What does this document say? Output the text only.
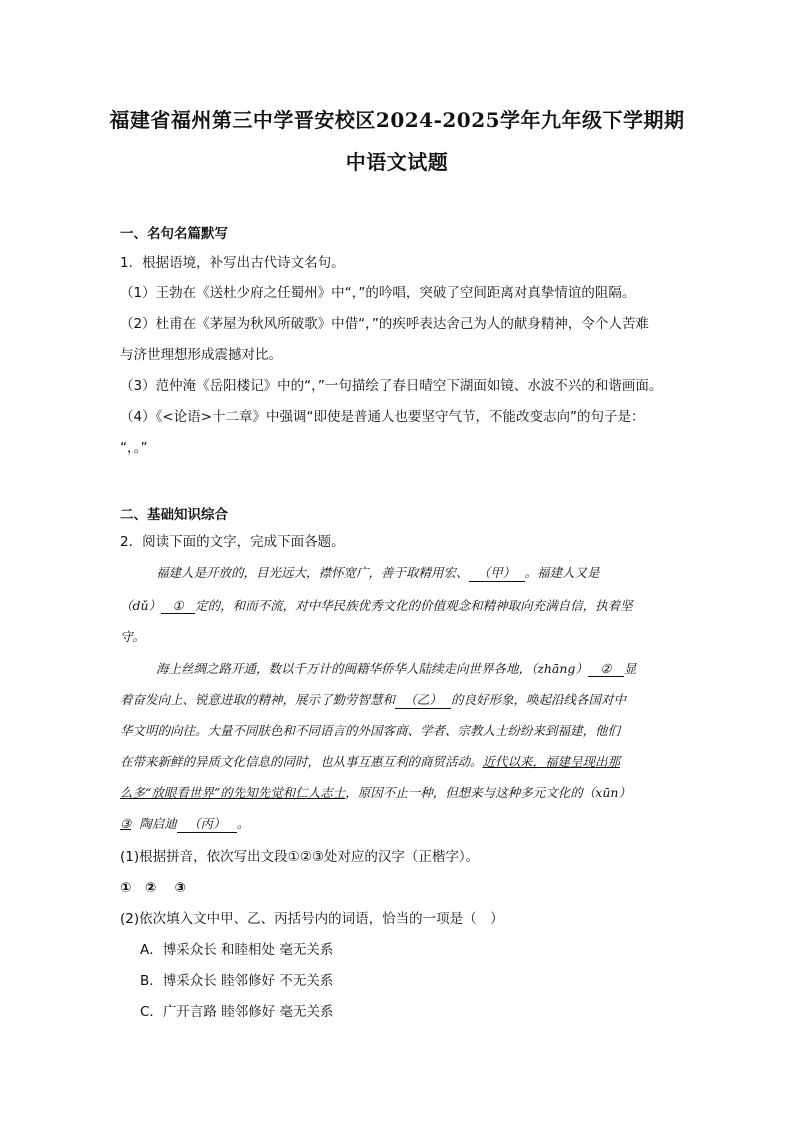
福建省福州第三中学晋安校区2024-2025学年九年级下学期期
中语文试题
一、名句名篇默写
1．根据语境，补写出古代诗文名句。
（1）王勃在《送杜少府之任蜀州》中“，”的吟唱，突破了空间距离对真挚情谊的阻隔。
（2）杜甫在《茅屋为秋风所破歌》中借“，”的疾呼表达舍己为人的献身精神，令个人苦难
与济世理想形成震撼对比。
（3）范仲淹《岳阳楼记》中的“，”一句描绘了春日晴空下湖面如镜、水波不兴的和谐画面。
（4）《<论语>十二章》中强调“即使是普通人也要坚守气节，不能改变志向”的句子是：
“，。”
二、基础知识综合
2．阅读下面的文字，完成下面各题。
福建人是开放的，目光远大，襟怀宽广，善于取精用宏、 （甲） 。福建人又是
（dǔ） ① 定的，和而不流，对中华民族优秀文化的价值观念和精神取向充满自信，执着坚
守。
海上丝绸之路开通，数以千万计的闽籍华侨华人陆续走向世界各地，（zhāng） ② 显
着奋发向上、锐意进取的精神，展示了勤劳智慧和 （乙） 的良好形象，唤起沿线各国对中
华文明的向往。大量不同肤色和不同语言的外国客商、学者、宗教人士纷纷来到福建，他们
在带来新鲜的异质文化信息的同时，也从事互惠互利的商贸活动。近代以来，福建呈现出那
么多“放眼看世界”的先知先觉和仁人志士，原因不止一种，但想来与这种多元文化的（xūn）
③ 陶启迪 （丙） 。
(1)根据拼音，依次写出文段①②③处对应的汉字（正楷字）。
①　②　 ③
(2)依次填入文中甲、乙、丙括号内的词语，恰当的一项是（　）
A．博采众长 和睦相处 毫无关系
B．博采众长 睦邻修好 不无关系
C．广开言路 睦邻修好 毫无关系
